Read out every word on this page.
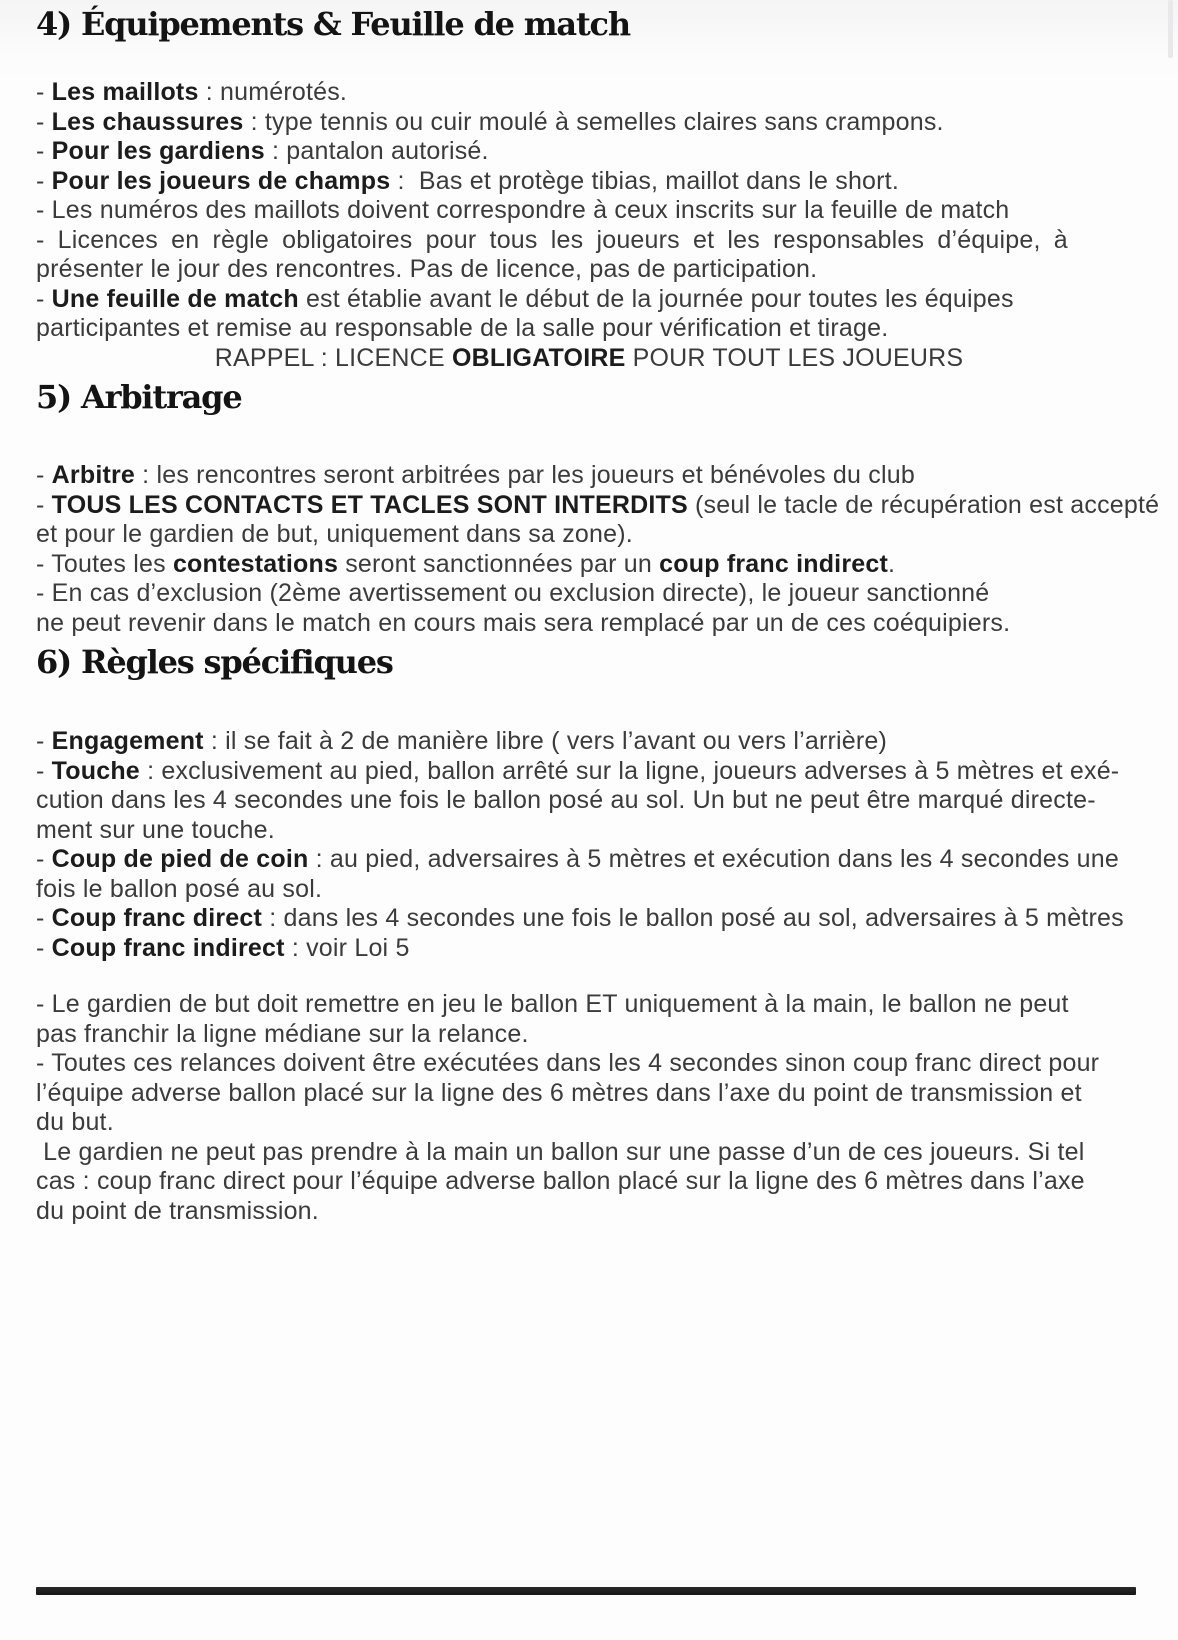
4) Équipements & Feuille de match
- Les maillots : numérotés.
- Les chaussures : type tennis ou cuir moulé à semelles claires sans crampons.
- Pour les gardiens : pantalon autorisé.
- Pour les joueurs de champs :  Bas et protège tibias, maillot dans le short.
- Les numéros des maillots doivent correspondre à ceux inscrits sur la feuille de match
- Licences en règle obligatoires pour tous les joueurs et les responsables d’équipe, à
présenter le jour des rencontres. Pas de licence, pas de participation.
- Une feuille de match est établie avant le début de la journée pour toutes les équipes
participantes et remise au responsable de la salle pour vérification et tirage.
RAPPEL : LICENCE OBLIGATOIRE POUR TOUT LES JOUEURS
5) Arbitrage
- Arbitre : les rencontres seront arbitrées par les joueurs et bénévoles du club
- TOUS LES CONTACTS ET TACLES SONT INTERDITS (seul le tacle de récupération est accepté
et pour le gardien de but, uniquement dans sa zone).
- Toutes les contestations seront sanctionnées par un coup franc indirect.
- En cas d’exclusion (2ème avertissement ou exclusion directe), le joueur sanctionné
ne peut revenir dans le match en cours mais sera remplacé par un de ces coéquipiers.
6) Règles spécifiques
- Engagement : il se fait à 2 de manière libre ( vers l’avant ou vers l’arrière)
- Touche : exclusivement au pied, ballon arrêté sur la ligne, joueurs adverses à 5 mètres et exé-
cution dans les 4 secondes une fois le ballon posé au sol. Un but ne peut être marqué directe-
ment sur une touche.
- Coup de pied de coin : au pied, adversaires à 5 mètres et exécution dans les 4 secondes une
fois le ballon posé au sol.
- Coup franc direct : dans les 4 secondes une fois le ballon posé au sol, adversaires à 5 mètres
- Coup franc indirect : voir Loi 5
- Le gardien de but doit remettre en jeu le ballon ET uniquement à la main, le ballon ne peut
pas franchir la ligne médiane sur la relance.
- Toutes ces relances doivent être exécutées dans les 4 secondes sinon coup franc direct pour
l’équipe adverse ballon placé sur la ligne des 6 mètres dans l’axe du point de transmission et
du but.
Le gardien ne peut pas prendre à la main un ballon sur une passe d’un de ces joueurs. Si tel
cas : coup franc direct pour l’équipe adverse ballon placé sur la ligne des 6 mètres dans l’axe
du point de transmission.
